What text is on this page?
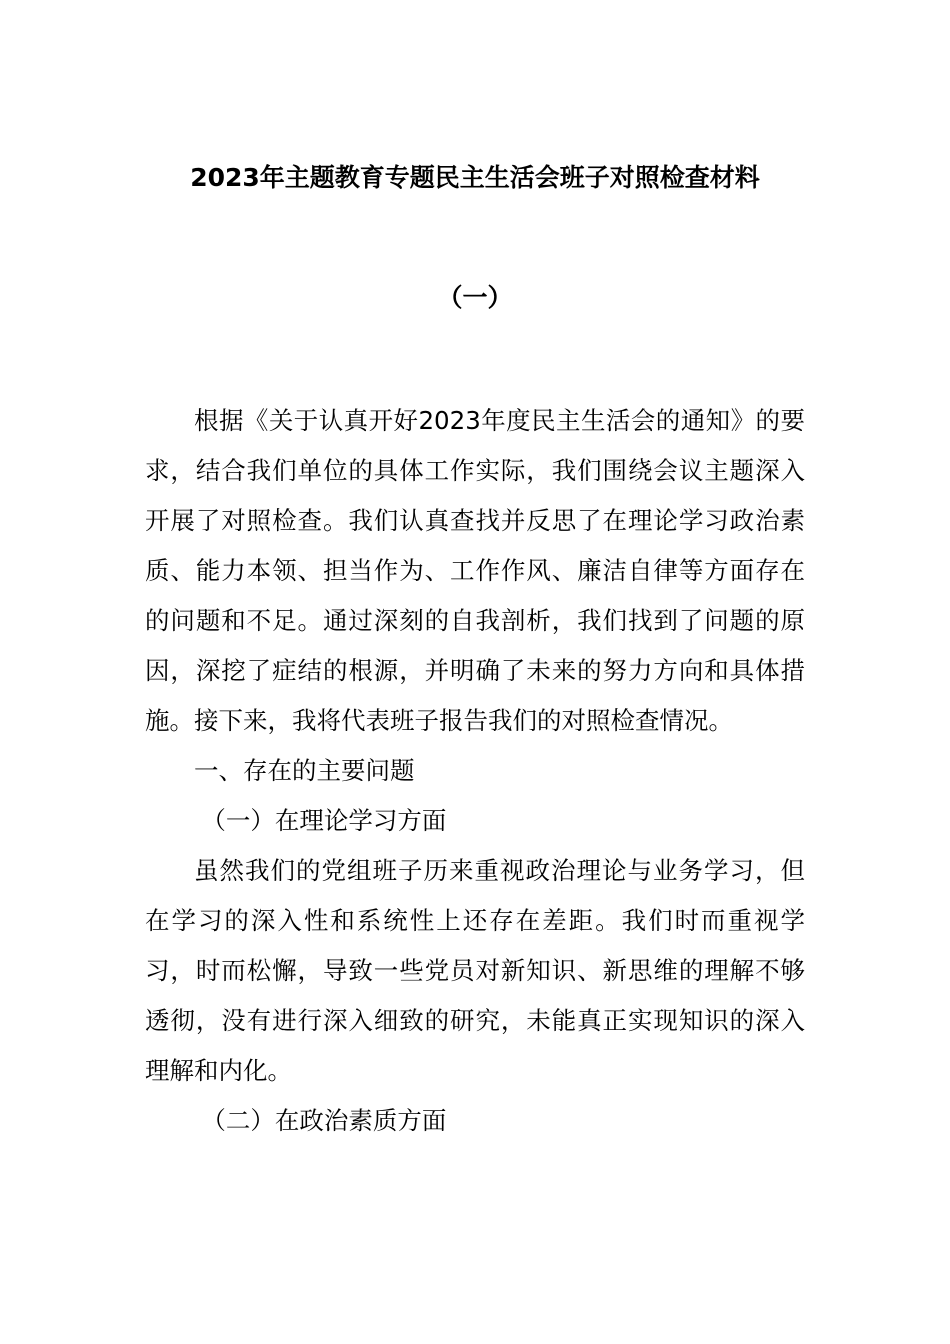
2023年主题教育专题民主生活会班子对照检查材料
（一）

根据《关于认真开好2023年度民主生活会的通知》的要求，结合我们单位的具体工作实际，我们围绕会议主题深入开展了对照检查。我们认真查找并反思了在理论学习政治素质、能力本领、担当作为、工作作风、廉洁自律等方面存在的问题和不足。通过深刻的自我剖析，我们找到了问题的原因，深挖了症结的根源，并明确了未来的努力方向和具体措施。接下来，我将代表班子报告我们的对照检查情况。

一、存在的主要问题

（一）在理论学习方面

虽然我们的党组班子历来重视政治理论与业务学习，但在学习的深入性和系统性上还存在差距。我们时而重视学习，时而松懈，导致一些党员对新知识、新思维的理解不够透彻，没有进行深入细致的研究，未能真正实现知识的深入理解和内化。

（二）在政治素质方面
